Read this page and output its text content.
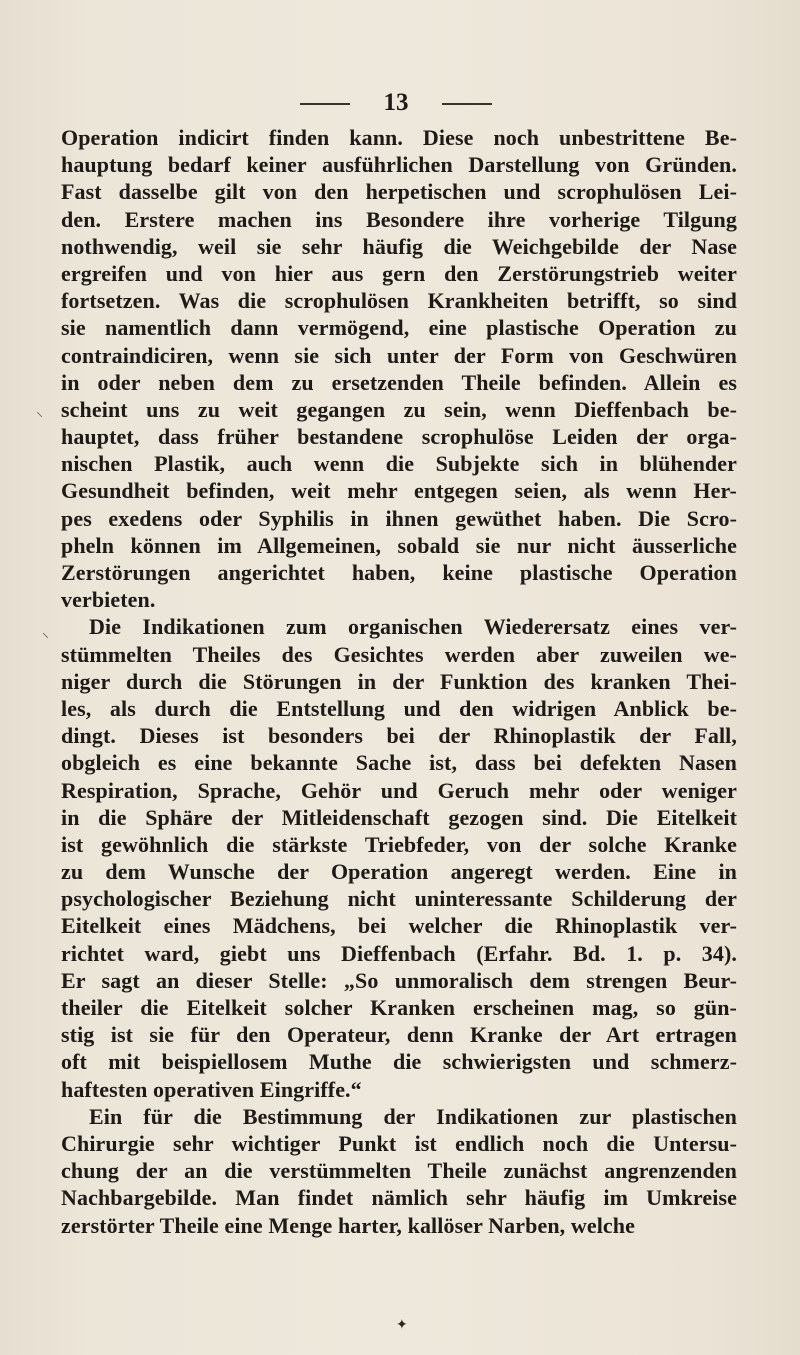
13
Operation indicirt finden kann. Diese noch unbestrittene Be-
hauptung bedarf keiner ausführlichen Darstellung von Gründen.
Fast dasselbe gilt von den herpetischen und scrophulösen Lei-
den. Erstere machen ins Besondere ihre vorherige Tilgung
nothwendig, weil sie sehr häufig die Weichgebilde der Nase
ergreifen und von hier aus gern den Zerstörungstrieb weiter
fortsetzen. Was die scrophulösen Krankheiten betrifft, so sind
sie namentlich dann vermögend, eine plastische Operation zu
contraindiciren, wenn sie sich unter der Form von Geschwüren
in oder neben dem zu ersetzenden Theile befinden. Allein es
scheint uns zu weit gegangen zu sein, wenn Dieffenbach be-
hauptet, dass früher bestandene scrophulöse Leiden der orga-
nischen Plastik, auch wenn die Subjekte sich in blühender
Gesundheit befinden, weit mehr entgegen seien, als wenn Her-
pes exedens oder Syphilis in ihnen gewüthet haben. Die Scro-
pheln können im Allgemeinen, sobald sie nur nicht äusserliche
Zerstörungen angerichtet haben, keine plastische Operation
verbieten.
Die Indikationen zum organischen Wiederersatz eines ver-
stümmelten Theiles des Gesichtes werden aber zuweilen we-
niger durch die Störungen in der Funktion des kranken Thei-
les, als durch die Entstellung und den widrigen Anblick be-
dingt. Dieses ist besonders bei der Rhinoplastik der Fall,
obgleich es eine bekannte Sache ist, dass bei defekten Nasen
Respiration, Sprache, Gehör und Geruch mehr oder weniger
in die Sphäre der Mitleidenschaft gezogen sind. Die Eitelkeit
ist gewöhnlich die stärkste Triebfeder, von der solche Kranke
zu dem Wunsche der Operation angeregt werden. Eine in
psychologischer Beziehung nicht uninteressante Schilderung der
Eitelkeit eines Mädchens, bei welcher die Rhinoplastik ver-
richtet ward, giebt uns Dieffenbach (Erfahr. Bd. 1. p. 34).
Er sagt an dieser Stelle: „So unmoralisch dem strengen Beur-
theiler die Eitelkeit solcher Kranken erscheinen mag, so gün-
stig ist sie für den Operateur, denn Kranke der Art ertragen
oft mit beispiellosem Muthe die schwierigsten und schmerz-
haftesten operativen Eingriffe.“
Ein für die Bestimmung der Indikationen zur plastischen
Chirurgie sehr wichtiger Punkt ist endlich noch die Untersu-
chung der an die verstümmelten Theile zunächst angrenzenden
Nachbargebilde. Man findet nämlich sehr häufig im Umkreise
zerstörter Theile eine Menge harter, kallöser Narben, welche
⸜
⸜
✦
